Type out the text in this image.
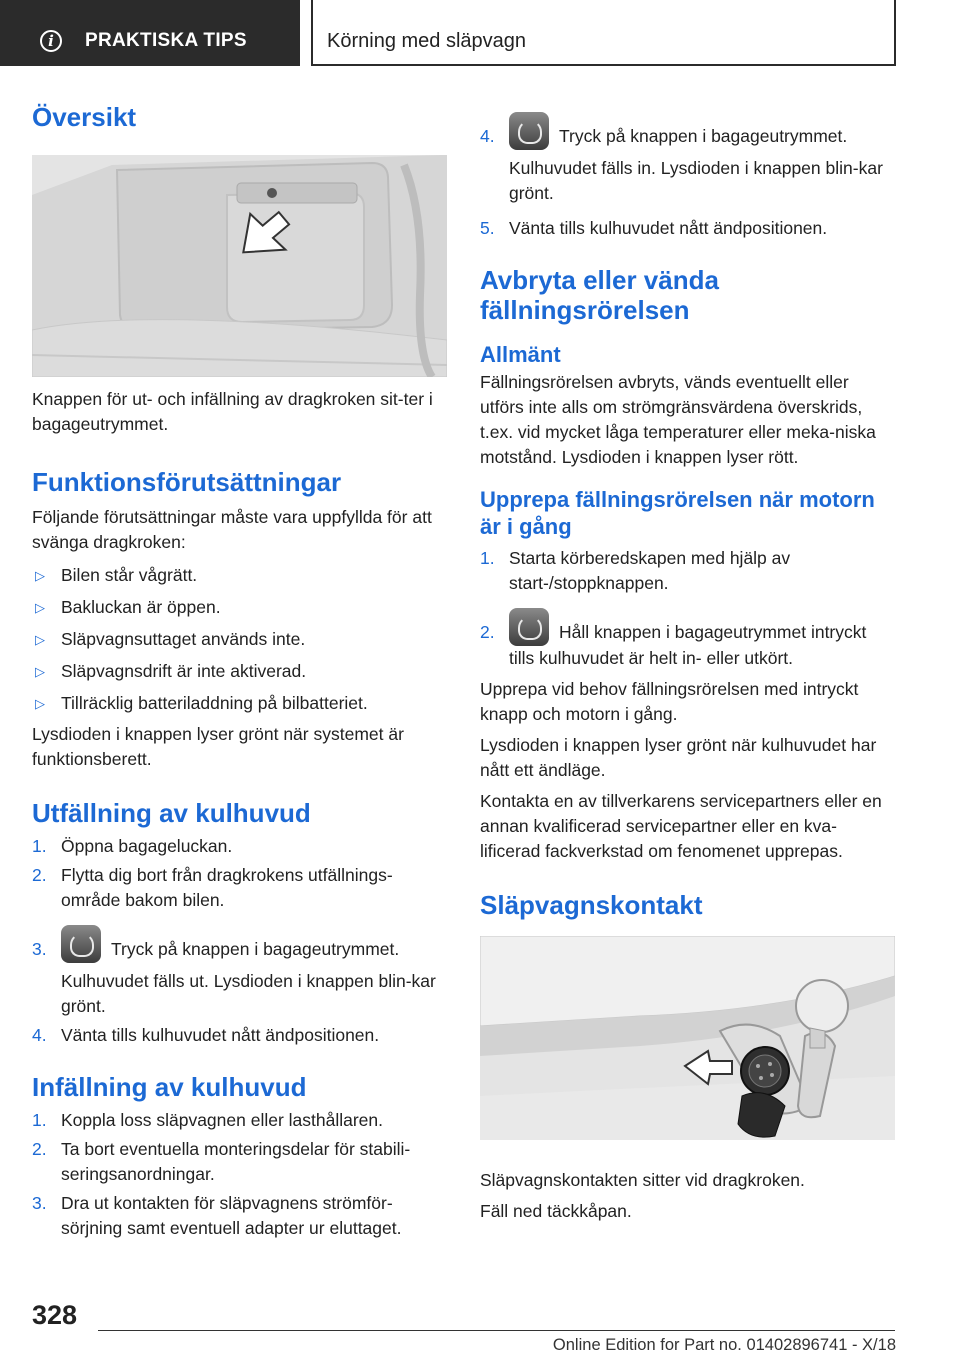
i	PRAKTISKA TIPS	Körning med släpvagn
Översikt

Knappen för ut- och infällning av dragkroken sit-ter i bagageutrymmet.

Funktionsförutsättningar

Följande förutsättningar måste vara uppfyllda för att svänga dragkroken:

▷ Bilen står vågrätt.
▷ Bakluckan är öppen.
▷ Släpvagnsuttaget används inte.
▷ Släpvagnsdrift är inte aktiverad.
▷ Tillräcklig batteriladdning på bilbatteriet.

Lysdioden i knappen lyser grönt när systemet är funktionsberett.

Utfällning av kulhuvud
1. Öppna bagageluckan.
2. Flytta dig bort från dragkrokens utfällnings-område bakom bilen.
3.	Tryck på knappen i bagageutrymmet.

Kulhuvudet fälls ut. Lysdioden i knappen blin-kar grönt.

4. Vänta tills kulhuvudet nått ändpositionen.
Infällning av kulhuvud
1. Koppla loss släpvagnen eller lasthållaren.
2. Ta bort eventuella monteringsdelar för stabili-seringsanordningar.
3. Dra ut kontakten för släpvagnens strömför-sörjning samt eventuell adapter ur eluttaget.
4.	Tryck på knappen i bagageutrymmet.

Kulhuvudet fälls in. Lysdioden i knappen blin-kar grönt.

5. Vänta tills kulhuvudet nått ändpositionen.
Avbryta eller vända fällningsrörelsen
Allmänt

Fällningsrörelsen avbryts, vänds eventuellt eller utförs inte alls om strömgränsvärdena överskrids, t.ex. vid mycket låga temperaturer eller meka-niska motstånd. Lysdioden i knappen lyser rött.

Upprepa fällningsrörelsen när motorn är i gång
1. Starta körberedskapen med hjälp av start-/stoppknappen.
2.	Håll knappen i bagageutrymmet intryckt tills kulhuvudet är helt in- eller utkört.

Upprepa vid behov fällningsrörelsen med intryckt knapp och motorn i gång.

Lysdioden i knappen lyser grönt när kulhuvudet har nått ett ändläge.

Kontakta en av tillverkarens servicepartners eller en annan kvalificerad servicepartner eller en kva-lificerad fackverkstad om fenomenet upprepas.

Släpvagnskontakt

Släpvagnskontakten sitter vid dragkroken.

Fäll ned täckkåpan.

328
Online Edition for Part no. 01402896741 - X/18
